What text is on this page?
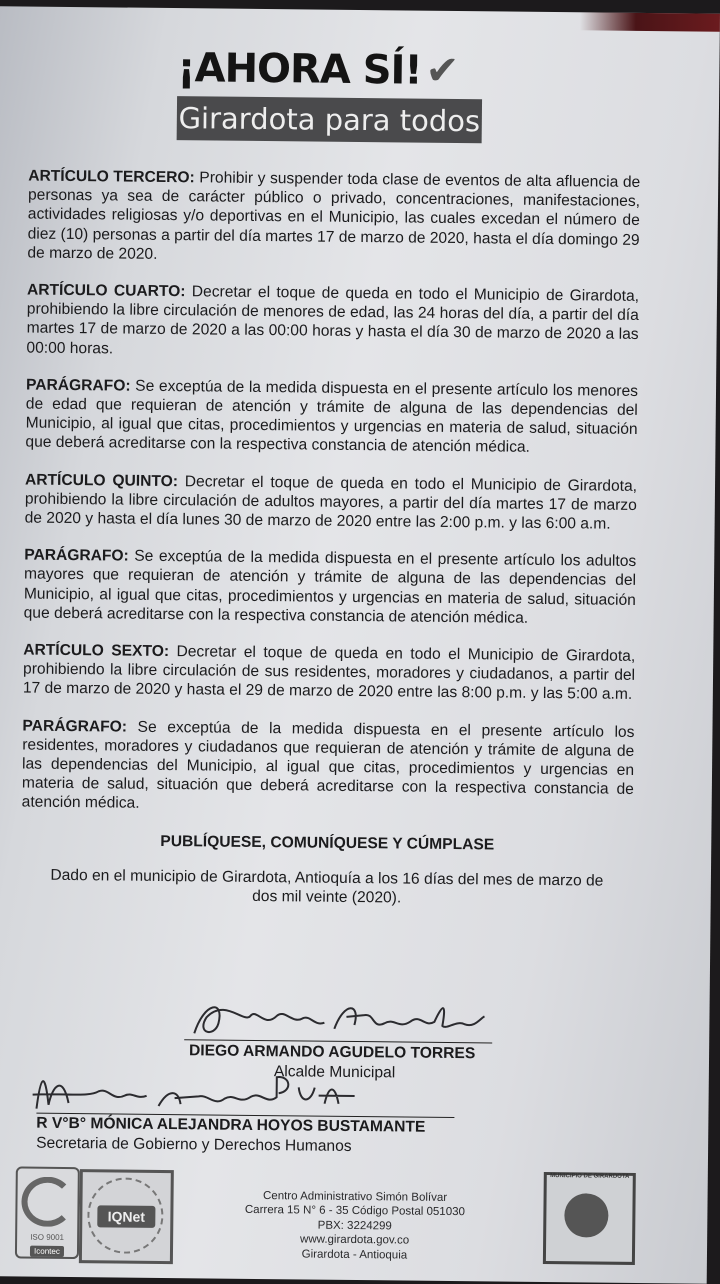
¡AHORA SÍ! ✔
Girardota para todos

ARTÍCULO TERCERO: Prohibir y suspender toda clase de eventos de alta afluencia de personas ya sea de carácter público o privado, concentraciones, manifestaciones, actividades religiosas y/o deportivas en el Municipio, las cuales excedan el número de diez (10) personas a partir del día martes 17 de marzo de 2020, hasta el día domingo 29 de marzo de 2020.

ARTÍCULO CUARTO: Decretar el toque de queda en todo el Municipio de Girardota, prohibiendo la libre circulación de menores de edad, las 24 horas del día, a partir del día martes 17 de marzo de 2020 a las 00:00 horas y hasta el día 30 de marzo de 2020 a las 00:00 horas.

PARÁGRAFO: Se exceptúa de la medida dispuesta en el presente artículo los menores de edad que requieran de atención y trámite de alguna de las dependencias del Municipio, al igual que citas, procedimientos y urgencias en materia de salud, situación que deberá acreditarse con la respectiva constancia de atención médica.

ARTÍCULO QUINTO: Decretar el toque de queda en todo el Municipio de Girardota, prohibiendo la libre circulación de adultos mayores, a partir del día martes 17 de marzo de 2020 y hasta el día lunes 30 de marzo de 2020 entre las 2:00 p.m. y las 6:00 a.m.

PARÁGRAFO: Se exceptúa de la medida dispuesta en el presente artículo los adultos mayores que requieran de atención y trámite de alguna de las dependencias del Municipio, al igual que citas, procedimientos y urgencias en materia de salud, situación que deberá acreditarse con la respectiva constancia de atención médica.

ARTÍCULO SEXTO: Decretar el toque de queda en todo el Municipio de Girardota, prohibiendo la libre circulación de sus residentes, moradores y ciudadanos, a partir del 17 de marzo de 2020 y hasta el 29 de marzo de 2020 entre las 8:00 p.m. y las 5:00 a.m.

PARÁGRAFO: Se exceptúa de la medida dispuesta en el presente artículo los residentes, moradores y ciudadanos que requieran de atención y trámite de alguna de las dependencias del Municipio, al igual que citas, procedimientos y urgencias en materia de salud, situación que deberá acreditarse con la respectiva constancia de atención médica.

PUBLÍQUESE, COMUNÍQUESE Y CÚMPLASE

Dado en el municipio de Girardota, Antioquía a los 16 días del mes de marzo de dos mil veinte (2020).

DIEGO ARMANDO AGUDELO TORRES
Alcalde Municipal
R V°B° MÓNICA ALEJANDRA HOYOS BUSTAMANTE
Secretaria de Gobierno y Derechos Humanos
ISO 9001
Icontec
IQNet
Centro Administrativo Simón Bolívar
Carrera 15 N° 6 - 35 Código Postal 051030
PBX: 3224299
www.girardota.gov.co
Girardota - Antioquia
MUNICIPIO DE GIRARDOTA
